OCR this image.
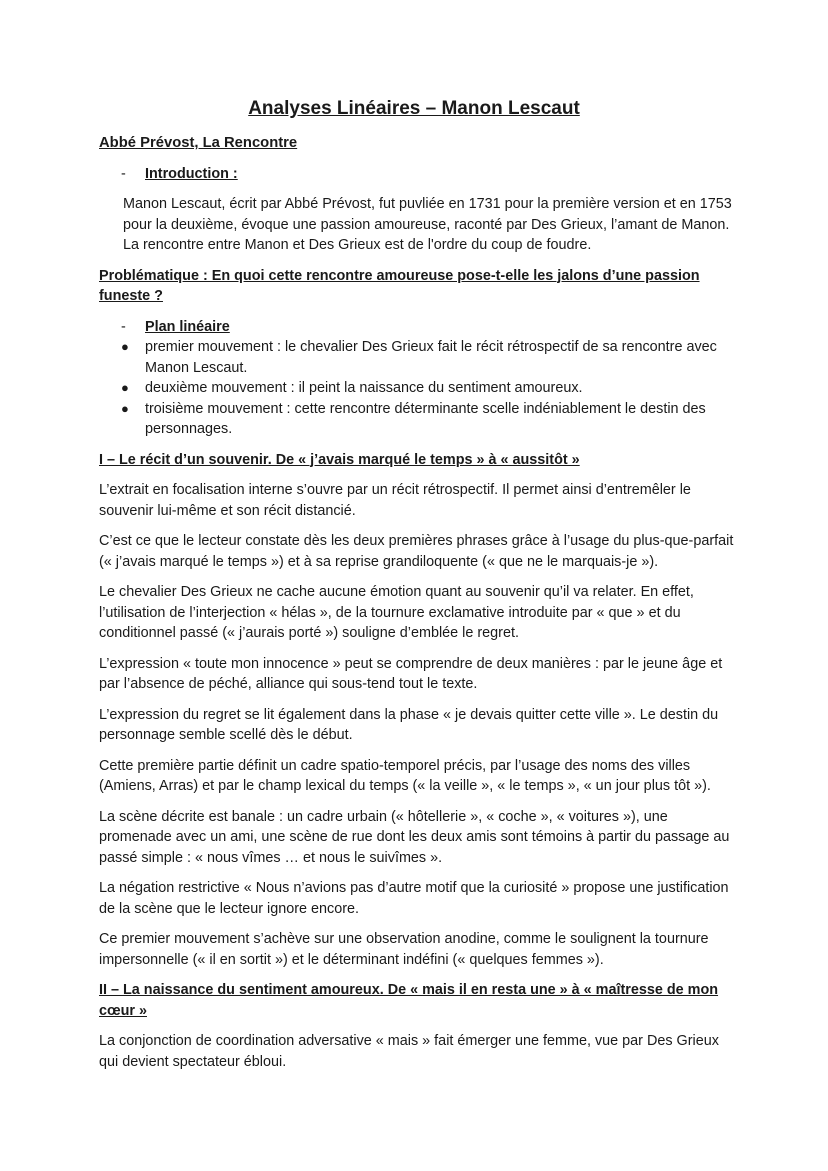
Analyses Linéaires – Manon Lescaut
Abbé Prévost, La Rencontre
-	Introduction :
Manon Lescaut, écrit par Abbé Prévost, fut puvliée en 1731 pour la première version et en 1753 pour la deuxième, évoque une passion amoureuse, raconté par Des Grieux, l’amant de Manon. La rencontre entre Manon et Des Grieux est de l'ordre du coup de foudre.
Problématique : En quoi cette rencontre amoureuse pose-t-elle les jalons d’une passion funeste ?
-	Plan linéaire
●	premier mouvement : le chevalier Des Grieux fait le récit rétrospectif de sa rencontre avec Manon Lescaut.
●	deuxième mouvement : il peint la naissance du sentiment amoureux.
●	troisième mouvement : cette rencontre déterminante scelle indéniablement le destin des personnages.
I – Le récit d’un souvenir. De « j’avais marqué le temps » à « aussitôt »

L’extrait en focalisation interne s’ouvre par un récit rétrospectif. Il permet ainsi d’entremêler le souvenir lui-même et son récit distancié.

C’est ce que le lecteur constate dès les deux premières phrases grâce à l’usage du plus-que-parfait (« j’avais marqué le temps ») et à sa reprise grandiloquente (« que ne le marquais-je »).

Le chevalier Des Grieux ne cache aucune émotion quant au souvenir qu’il va relater. En effet, l’utilisation de l’interjection « hélas », de la tournure exclamative introduite par « que » et du conditionnel passé (« j’aurais porté ») souligne d’emblée le regret.

L’expression « toute mon innocence » peut se comprendre de deux manières : par le jeune âge et par l’absence de péché, alliance qui sous-tend tout le texte.

L’expression du regret se lit également dans la phase « je devais quitter cette ville ». Le destin du personnage semble scellé dès le début.

Cette première partie définit un cadre spatio-temporel précis, par l’usage des noms des villes (Amiens, Arras) et par le champ lexical du temps (« la veille », « le temps », « un jour plus tôt »).

La scène décrite est banale : un cadre urbain (« hôtellerie », « coche », « voitures »), une promenade avec un ami, une scène de rue dont les deux amis sont témoins à partir du passage au passé simple : « nous vîmes … et nous le suivîmes ».

La négation restrictive « Nous n’avions pas d’autre motif que la curiosité » propose une justification de la scène que le lecteur ignore encore.

Ce premier mouvement s’achève sur une observation anodine, comme le soulignent la tournure impersonnelle (« il en sortit ») et le déterminant indéfini (« quelques femmes »).

II – La naissance du sentiment amoureux. De « mais il en resta une » à « maîtresse de mon cœur »

La conjonction de coordination adversative « mais » fait émerger une femme, vue par Des Grieux qui devient spectateur ébloui.
